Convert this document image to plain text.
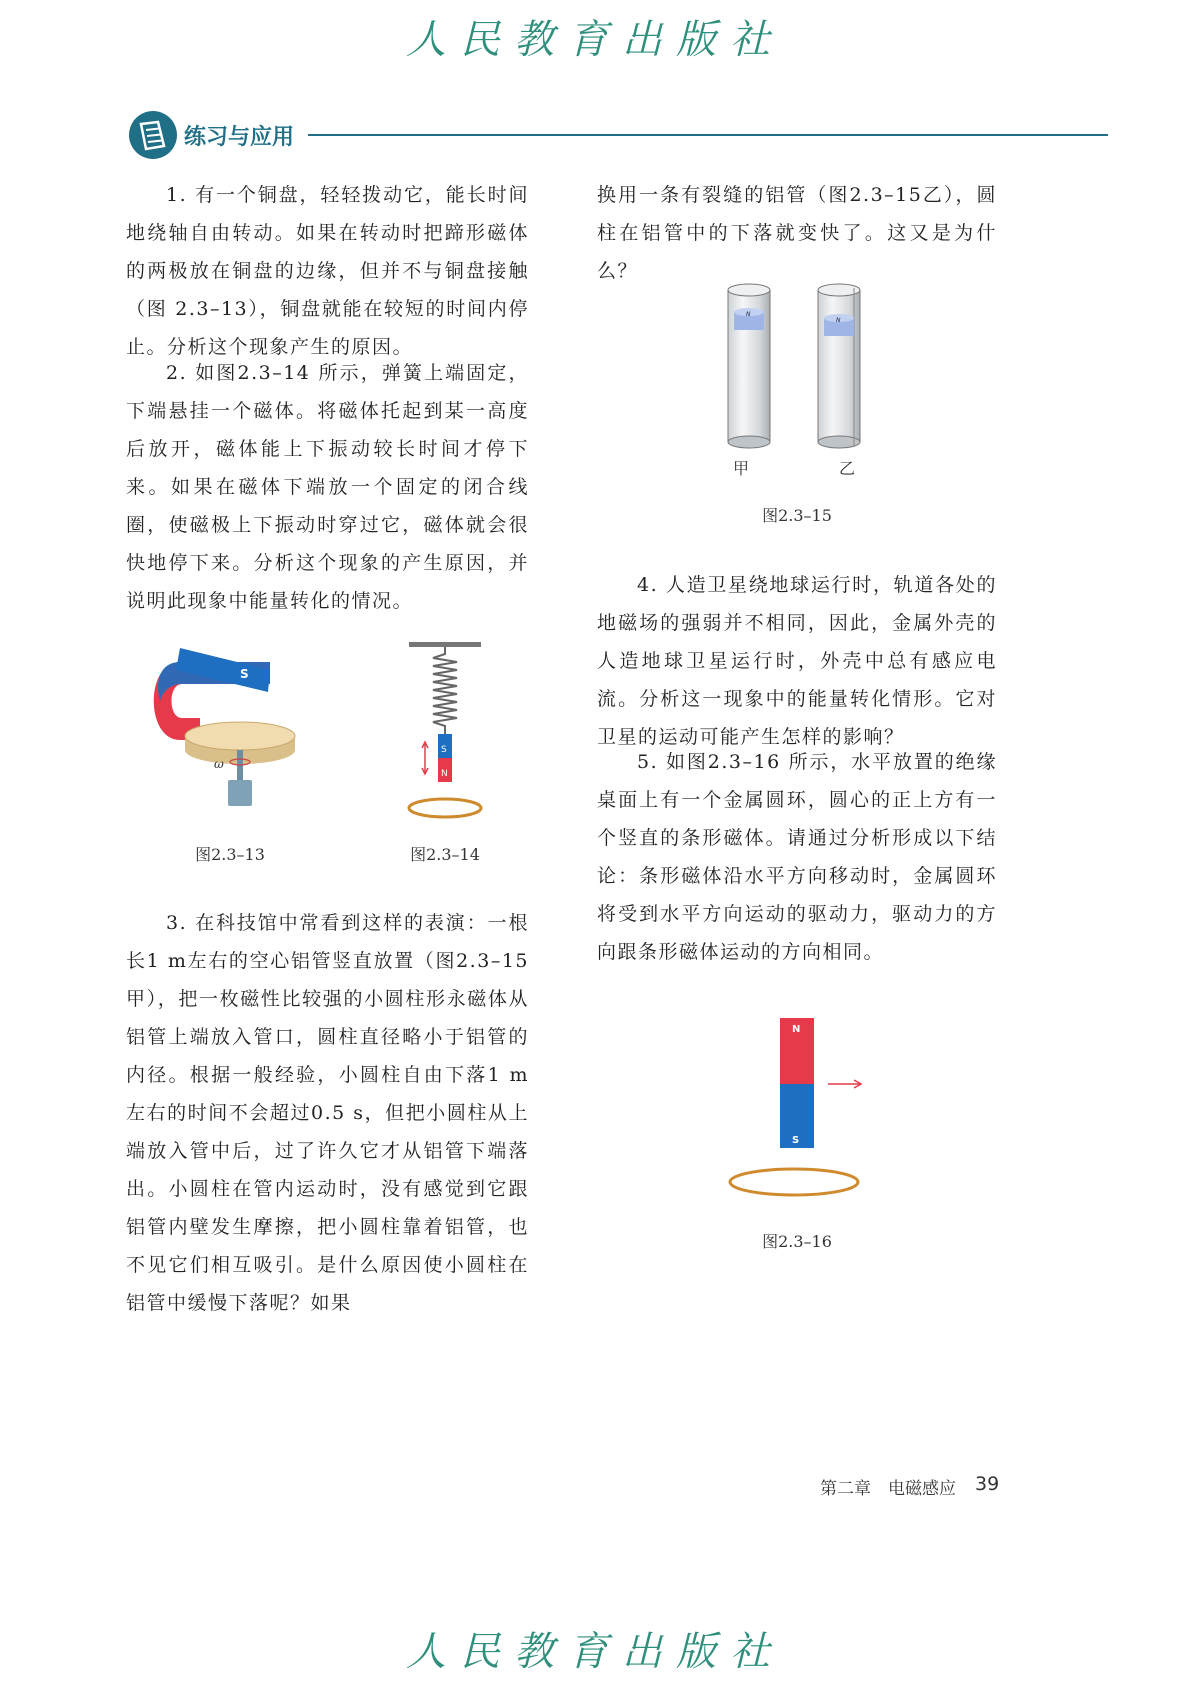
人民教育出版社
练习与应用

1. 有一个铜盘，轻轻拨动它，能长时间地绕轴自由转动。如果在转动时把蹄形磁体的两极放在铜盘的边缘，但并不与铜盘接触（图 2.3–13），铜盘就能在较短的时间内停止。分析这个现象产生的原因。

2. 如图2.3–14 所示，弹簧上端固定，下端悬挂一个磁体。将磁体托起到某一高度后放开，磁体能上下振动较长时间才停下来。如果在磁体下端放一个固定的闭合线圈，使磁极上下振动时穿过它，磁体就会很快地停下来。分析这个现象的产生原因，并说明此现象中能量转化的情况。

S
ω
图2.3–13
S
N
图2.3–14

3. 在科技馆中常看到这样的表演：一根长1 m左右的空心铝管竖直放置（图2.3–15甲），把一枚磁性比较强的小圆柱形永磁体从铝管上端放入管口，圆柱直径略小于铝管的内径。根据一般经验，小圆柱自由下落1 m左右的时间不会超过0.5 s，但把小圆柱从上端放入管中后，过了许久它才从铝管下端落出。小圆柱在管内运动时，没有感觉到它跟铝管内壁发生摩擦，把小圆柱靠着铝管，也不见它们相互吸引。是什么原因使小圆柱在铝管中缓慢下落呢？如果

换用一条有裂缝的铝管（图2.3–15乙），圆柱在铝管中的下落就变快了。这又是为什么？

N
N
甲	乙
图2.3–15

4. 人造卫星绕地球运行时，轨道各处的地磁场的强弱并不相同，因此，金属外壳的人造地球卫星运行时，外壳中总有感应电流。分析这一现象中的能量转化情形。它对卫星的运动可能产生怎样的影响？

5. 如图2.3–16 所示，水平放置的绝缘桌面上有一个金属圆环，圆心的正上方有一个竖直的条形磁体。请通过分析形成以下结论：条形磁体沿水平方向移动时，金属圆环将受到水平方向运动的驱动力，驱动力的方向跟条形磁体运动的方向相同。

N
S
图2.3–16
第二章　电磁感应 39
人民教育出版社
